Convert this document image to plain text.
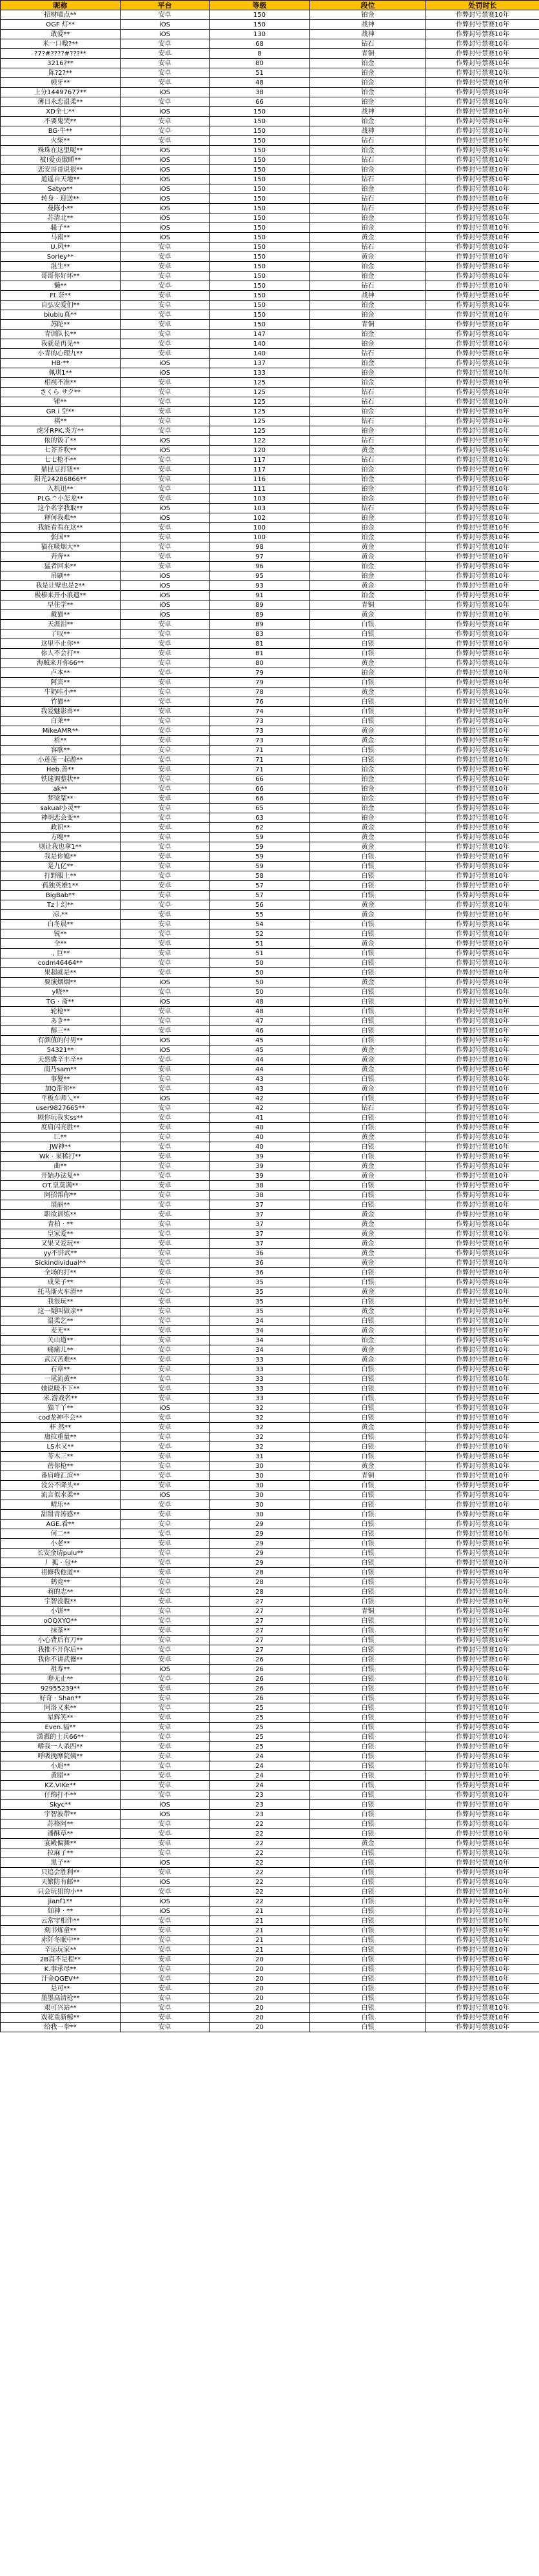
昵称	平台	等级	段位	处罚时长
招财喵点**	安卓	150	铂金	作弊封号禁赛10年
OGF 灯**	iOS	150	战神	作弊封号禁赛10年
敢爱**	iOS	130	战神	作弊封号禁赛10年
米一口嗷?**	安卓	68	钻石	作弊封号禁赛10年
?7?#????#???**	安卓	8	青铜	作弊封号禁赛10年
3216?**	安卓	80	铂金	作弊封号禁赛10年
陈?2?**	安卓	51	铂金	作弊封号禁赛10年
顿牙**	安卓	48	铂金	作弊封号禁赛10年
上分14497677**	iOS	38	铂金	作弊封号禁赛10年
薄日永恋温柔**	安卓	66	铂金	作弊封号禁赛10年
XD全七**	iOS	150	战神	作弊封号禁赛10年
不要鬼哭**	安卓	150	铂金	作弊封号禁赛10年
BG·牛**	安卓	150	战神	作弊封号禁赛10年
火柴**	安卓	150	钻石	作弊封号禁赛10年
殊珠在这里呢**	iOS	150	铂金	作弊封号禁赛10年
被!爱贡傲睡**	iOS	150	钻石	作弊封号禁赛10年
恋安哥哥说很**	iOS	150	铂金	作弊封号禁赛10年
道遥自天地**	iOS	150	钻石	作弊封号禁赛10年
Satyo**	iOS	150	铂金	作弊封号禁赛10年
转身 · 迎送**	iOS	150	钻石	作弊封号禁赛10年
曼陈小**	iOS	150	钻石	作弊封号禁赛10年
苏清北**	iOS	150	铂金	作弊封号禁赛10年
骚子**	iOS	150	铂金	作弊封号禁赛10年
马南**	iOS	150	黄金	作弊封号禁赛10年
U.风**	安卓	150	钻石	作弊封号禁赛10年
Sorley**	安卓	150	黄金	作弊封号禁赛10年
混生**	安卓	150	铂金	作弊封号禁赛10年
哥哥你好坏**	安卓	150	铂金	作弊封号禁赛10年
懒**	安卓	150	钻石	作弊封号禁赛10年
Ft.奈**	安卓	150	战神	作弊封号禁赛10年
自弘安爱们**	安卓	150	铂金	作弊封号禁赛10年
biubiu真**	安卓	150	铂金	作弊封号禁赛10年
苏陀**	安卓	150	青铜	作弊封号禁赛10年
青训队长**	安卓	147	铂金	作弊封号禁赛10年
我就是再见**	安卓	140	铂金	作弊封号禁赛10年
小青的心理九**	安卓	140	钻石	作弊封号禁赛10年
HB·**	iOS	137	铂金	作弊封号禁赛10年
佩琪1**	iOS	133	铂金	作弊封号禁赛10年
相视不准**	安卓	125	铂金	作弊封号禁赛10年
さくら サク**	安卓	125	钻石	作弊封号禁赛10年
锤**	安卓	125	钻石	作弊封号禁赛10年
GR i 空**	安卓	125	铂金	作弊封号禁赛10年
祺**	安卓	125	钻石	作弊封号禁赛10年
虎牙RPK.炎方**	安卓	125	铂金	作弊封号禁赛10年
侬的饭了**	iOS	122	钻石	作弊封号禁赛10年
七芥芥吹**	iOS	120	黄金	作弊封号禁赛10年
七七枪不**	安卓	117	钻石	作弊封号禁赛10年
鼎昆豆打钮**	安卓	117	铂金	作弊封号禁赛10年
阳光24286866**	安卓	116	铂金	作弊封号禁赛10年
入机迅**	安卓	111	铂金	作弊封号禁赛10年
PLG.^小怎龙**	安卓	103	铂金	作弊封号禁赛10年
这个名字我取**	iOS	103	钻石	作弊封号禁赛10年
释何我难**	iOS	102	铂金	作弊封号禁赛10年
我能看看在这**	安卓	100	铂金	作弊封号禁赛10年
张国**	安卓	100	铂金	作弊封号禁赛10年
猫在吸烟大**	安卓	98	黄金	作弊封号禁赛10年
奔奔**	安卓	97	黄金	作弊封号禁赛10年
猛者回来**	安卓	96	铂金	作弊封号禁赛10年
吊刷**	iOS	95	铂金	作弊封号禁赛10年
我是让壁也是2**	iOS	93	黄金	作弊封号禁赛10年
极棒来开小浪遗**	iOS	91	铂金	作弊封号禁赛10年
早住学**	iOS	89	青铜	作弊封号禁赛10年
戴猫**	iOS	89	黄金	作弊封号禁赛10年
天涯泪**	安卓	89	白银	作弊封号禁赛10年
了叹**	安卓	83	白银	作弊封号禁赛10年
这里不止你**	安卓	81	白银	作弊封号禁赛10年
你人不会打**	安卓	81	白银	作弊封号禁赛10年
海贼来开你66**	安卓	80	黄金	作弊封号禁赛10年
卢本**	安卓	79	铂金	作弊封号禁赛10年
阿宾**	安卓	79	白银	作弊封号禁赛10年
牛奶咔小**	安卓	78	黄金	作弊封号禁赛10年
竹猫**	安卓	76	白银	作弊封号禁赛10年
我爱魅影兽**	安卓	74	白银	作弊封号禁赛10年
白莱**	安卓	73	白银	作弊封号禁赛10年
MikeAMR**	安卓	73	黄金	作弊封号禁赛10年
析**	安卓	73	黄金	作弊封号禁赛10年
容歌**	安卓	71	白银	作弊封号禁赛10年
小莲莲一起游**	安卓	71	白银	作弊封号禁赛10年
Heb.善**	安卓	71	铂金	作弊封号禁赛10年
铁迷调整状**	安卓	66	铂金	作弊封号禁赛10年
ak**	安卓	66	铂金	作弊封号禁赛10年
梦梁桀**	安卓	66	铂金	作弊封号禁赛10年
sakual小灵**	安卓	65	铂金	作弊封号禁赛10年
神明恋会变**	安卓	63	铂金	作弊封号禁赛10年
政识**	安卓	62	黄金	作弊封号禁赛10年
方嚏**	安卓	59	黄金	作弊封号禁赛10年
则让我也拿1**	安卓	59	黄金	作弊封号禁赛10年
我是你媳**	安卓	59	白银	作弊封号禁赛10年
是九亿**	安卓	59	白银	作弊封号禁赛10年
打野服上**	安卓	58	白银	作弊封号禁赛10年
孤独英雄1**	安卓	57	白银	作弊封号禁赛10年
BigBab**	安卓	57	白银	作弊封号禁赛10年
Tz丨幻**	安卓	56	黄金	作弊封号禁赛10年
凉.**	安卓	55	黄金	作弊封号禁赛10年
白冬晨**	安卓	54	白银	作弊封号禁赛10年
锐**	安卓	52	白银	作弊封号禁赛10年
全**	安卓	51	黄金	作弊封号禁赛10年
., 巨**	安卓	51	白银	作弊封号禁赛10年
codm46464**	安卓	50	白银	作弊封号禁赛10年
果超就是**	安卓	50	白银	作弊封号禁赛10年
要演烟烟**	iOS	50	黄金	作弊封号禁赛10年
y晓**	安卓	50	白银	作弊封号禁赛10年
TG · 斋**	iOS	48	白银	作弊封号禁赛10年
轮枪**	安卓	48	白银	作弊封号禁赛10年
あき**	安卓	47	白银	作弊封号禁赛10年
醇三**	安卓	46	白银	作弊封号禁赛10年
有颜值的付男**	iOS	45	白银	作弊封号禁赛10年
54321**	iOS	45	黄金	作弊封号禁赛10年
天然冀辛丰辛**	安卓	44	黄金	作弊封号禁赛10年
南乃sam**	安卓	44	黄金	作弊封号禁赛10年
事髮**	安卓	43	白银	作弊封号禁赛10年
加Q带你**	安卓	43	黄金	作弊封号禁赛10年
平板车师乀**	iOS	42	白银	作弊封号禁赛10年
user9827665**	安卓	42	钻石	作弊封号禁赛10年
顾你玩我实ss**	安卓	41	白银	作弊封号禁赛10年
度肩闪亮胜**	安卓	40	白银	作弊封号禁赛10年
匚**	安卓	40	黄金	作弊封号禁赛10年
JW神**	安卓	40	白银	作弊封号禁赛10年
Wk · 果稀打**	安卓	39	白银	作弊封号禁赛10年
曲**	安卓	39	黄金	作弊封号禁赛10年
开始办法复**	安卓	39	黄金	作弊封号禁赛10年
OT.皇莫满**	安卓	38	白银	作弊封号禁赛10年
阿招帮你**	安卓	38	白银	作弊封号禁赛10年
展丽**	安卓	37	白银	作弊封号禁赛10年
职欲训练**	安卓	37	黄金	作弊封号禁赛10年
青柏 · **	安卓	37	黄金	作弊封号禁赛10年
皇家爱**	安卓	37	黄金	作弊封号禁赛10年
又果又爱玩**	安卓	37	黄金	作弊封号禁赛10年
yy不讲武**	安卓	36	黄金	作弊封号禁赛10年
Sickindividual**	安卓	36	黄金	作弊封号禁赛10年
全场的打**	安卓	36	白银	作弊封号禁赛10年
成果子**	安卓	35	白银	作弊封号禁赛10年
托马斯火车滑**	安卓	35	黄金	作弊封号禁赛10年
我很玩**	安卓	35	白银	作弊封号禁赛10年
这一疑叫做亲**	安卓	35	黄金	作弊封号禁赛10年
温柔乞**	安卓	34	白银	作弊封号禁赛10年
麦无**	安卓	34	黄金	作弊封号禁赛10年
关山道**	安卓	34	铂金	作弊封号禁赛10年
痛痛儿**	安卓	34	黄金	作弊封号禁赛10年
武汉苦难**	安卓	33	黄金	作弊封号禁赛10年
石章**	安卓	33	白银	作弊封号禁赛10年
一尾流黄**	安卓	33	白银	作弊封号禁赛10年
她说暖不下**	安卓	33	白银	作弊封号禁赛10年
米.游戏名**	安卓	33	白银	作弊封号禁赛10年
猫丫丫**	iOS	32	白银	作弊封号禁赛10年
cod龙神不会**	安卓	32	白银	作弊封号禁赛10年
杯.然**	安卓	32	黄金	作弊封号禁赛10年
庸拉重量**	安卓	32	白银	作弊封号禁赛10年
LS水又**	安卓	32	白银	作弊封号禁赛10年
苓木三**	安卓	31	白银	作弊封号禁赛10年
蓓你枪**	安卓	30	黄金	作弊封号禁赛10年
番肩峰汇渲**	安卓	30	青铜	作弊封号禁赛10年
没公不降头**	安卓	30	白银	作弊封号禁赛10年
流言似水柔**	iOS	30	白银	作弊封号禁赛10年
晴乐**	安卓	30	白银	作弊封号禁赛10年
甜甜青涛感**	安卓	30	白银	作弊封号禁赛10年
AGE.看**	安卓	29	白银	作弊封号禁赛10年
何二**	安卓	29	白银	作弊封号禁赛10年
小老**	安卓	29	白银	作弊封号禁赛10年
长安金请pulu**	安卓	29	白银	作弊封号禁赛10年
丿 狐 · 包**	安卓	29	白银	作弊封号禁赛10年
祖修我他道**	安卓	28	白银	作弊封号禁赛10年
鹤竞**	安卓	28	白银	作弊封号禁赛10年
莉的志**	安卓	28	白银	作弊封号禁赛10年
宇智没腹**	安卓	27	白银	作弊封号禁赛10年
小饼**	安卓	27	青铜	作弊封号禁赛10年
oOQXYO**	安卓	27	白银	作弊封号禁赛10年
抹茶**	安卓	27	白银	作弊封号禁赛10年
小心背后有刀**	安卓	27	白银	作弊封号禁赛10年
我推不开你后**	安卓	27	白银	作弊封号禁赛10年
我你不讲武德**	安卓	26	白银	作弊封号禁赛10年
祖寿**	iOS	26	白银	作弊封号禁赛10年
咿无止**	安卓	26	白银	作弊封号禁赛10年
92955239**	安卓	26	白银	作弊封号禁赛10年
好奇 · Shan**	安卓	26	白银	作弊封号禁赛10年
阿洛又来**	安卓	25	白银	作弊封号禁赛10年
星辉笑**	安卓	25	白银	作弊封号禁赛10年
Even.福**	安卓	25	白银	作弊封号禁赛10年
潇洒的士兵66**	安卓	25	白银	作弊封号禁赛10年
嗜我一人杀四**	安卓	25	白银	作弊封号禁赛10年
呼吸挽摩院姨**	安卓	24	白银	作弊封号禁赛10年
小追**	安卓	24	白银	作弊封号禁赛10年
黄腊**	安卓	24	白银	作弊封号禁赛10年
KZ.VIKe**	安卓	24	白银	作弊封号禁赛10年
仔绵打不**	安卓	23	白银	作弊封号禁赛10年
Skyc**	iOS	23	白银	作弊封号禁赛10年
宇智波带**	iOS	23	白银	作弊封号禁赛10年
苏格阿**	安卓	22	白银	作弊封号禁赛10年
潘酥草**	安卓	22	白银	作弊封号禁赛10年
宴殿偏舞**	安卓	22	黄金	作弊封号禁赛10年
拉麻子**	安卓	22	白银	作弊封号禁赛10年
黑子**	iOS	22	白银	作弊封号禁赛10年
只追会胜利**	安卓	22	白银	作弊封号禁赛10年
天繁防有邮**	iOS	22	白银	作弊封号禁赛10年
只会玩狙的小**	安卓	22	白银	作弊封号禁赛10年
jianf1**	iOS	22	白银	作弊封号禁赛10年
如神 · **	iOS	21	白银	作弊封号禁赛10年
云常守相伴**	安卓	21	白银	作弊封号禁赛10年
刻书炼童**	安卓	21	白银	作弊封号禁赛10年
赤阡冬眠中**	安卓	21	白银	作弊封号禁赛10年
辛运玩家**	安卓	21	白银	作弊封号禁赛10年
2B真不是程**	安卓	20	白银	作弊封号禁赛10年
K.事承尽**	安卓	20	白银	作弊封号禁赛10年
汗金QGEV**	安卓	20	白银	作弊封号禁赛10年
是可**	安卓	20	白银	作弊封号禁赛10年
墨墨高清枪**	安卓	20	白银	作弊封号禁赛10年
艰可兴站**	安卓	20	白银	作弊封号禁赛10年
戏花重新鲸**	安卓	20	白银	作弊封号禁赛10年
给我一拳**	安卓	20	白银	作弊封号禁赛10年
